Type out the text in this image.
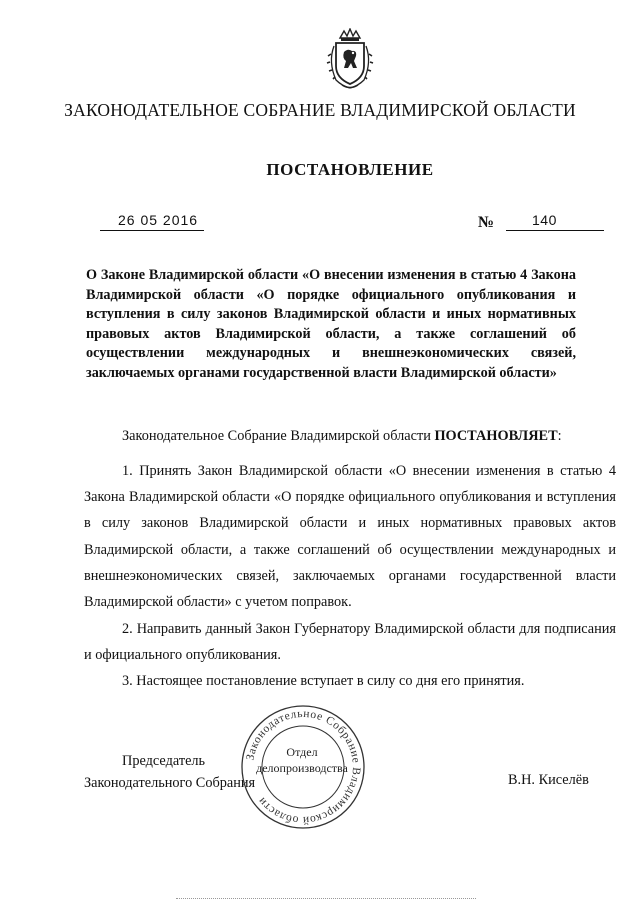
ЗАКОНОДАТЕЛЬНОЕ СОБРАНИЕ ВЛАДИМИРСКОЙ ОБЛАСТИ
ПОСТАНОВЛЕНИЕ
26 05 2016	№	140
О Законе Владимирской области «О внесении изменения в статью 4 Закона Владимирской области «О порядке официального опубликования и вступления в силу законов Владимирской области и иных нормативных правовых актов Владимирской области, а также соглашений об осуществлении международных и внешнеэкономических связей, заключаемых органами государственной власти Владимирской области»
Законодательное Собрание Владимирской области ПОСТАНОВЛЯЕТ:
1. Принять Закон Владимирской области «О внесении изменения в статью 4 Закона Владимирской области «О порядке официального опубликования и вступления в силу законов Владимирской области и иных нормативных правовых актов Владимирской области, а также соглашений об осуществлении международных и внешнеэкономических связей, заключаемых органами государственной власти Владимирской области» с учетом поправок.
2. Направить данный Закон Губернатору Владимирской области для подписания и официального опубликования.
3. Настоящее постановление вступает в силу со дня его принятия.
Председатель
Законодательного Собрания
Законодательное Собрание Владимирской области
Отдел
делопроизводства
В.Н. Киселёв
